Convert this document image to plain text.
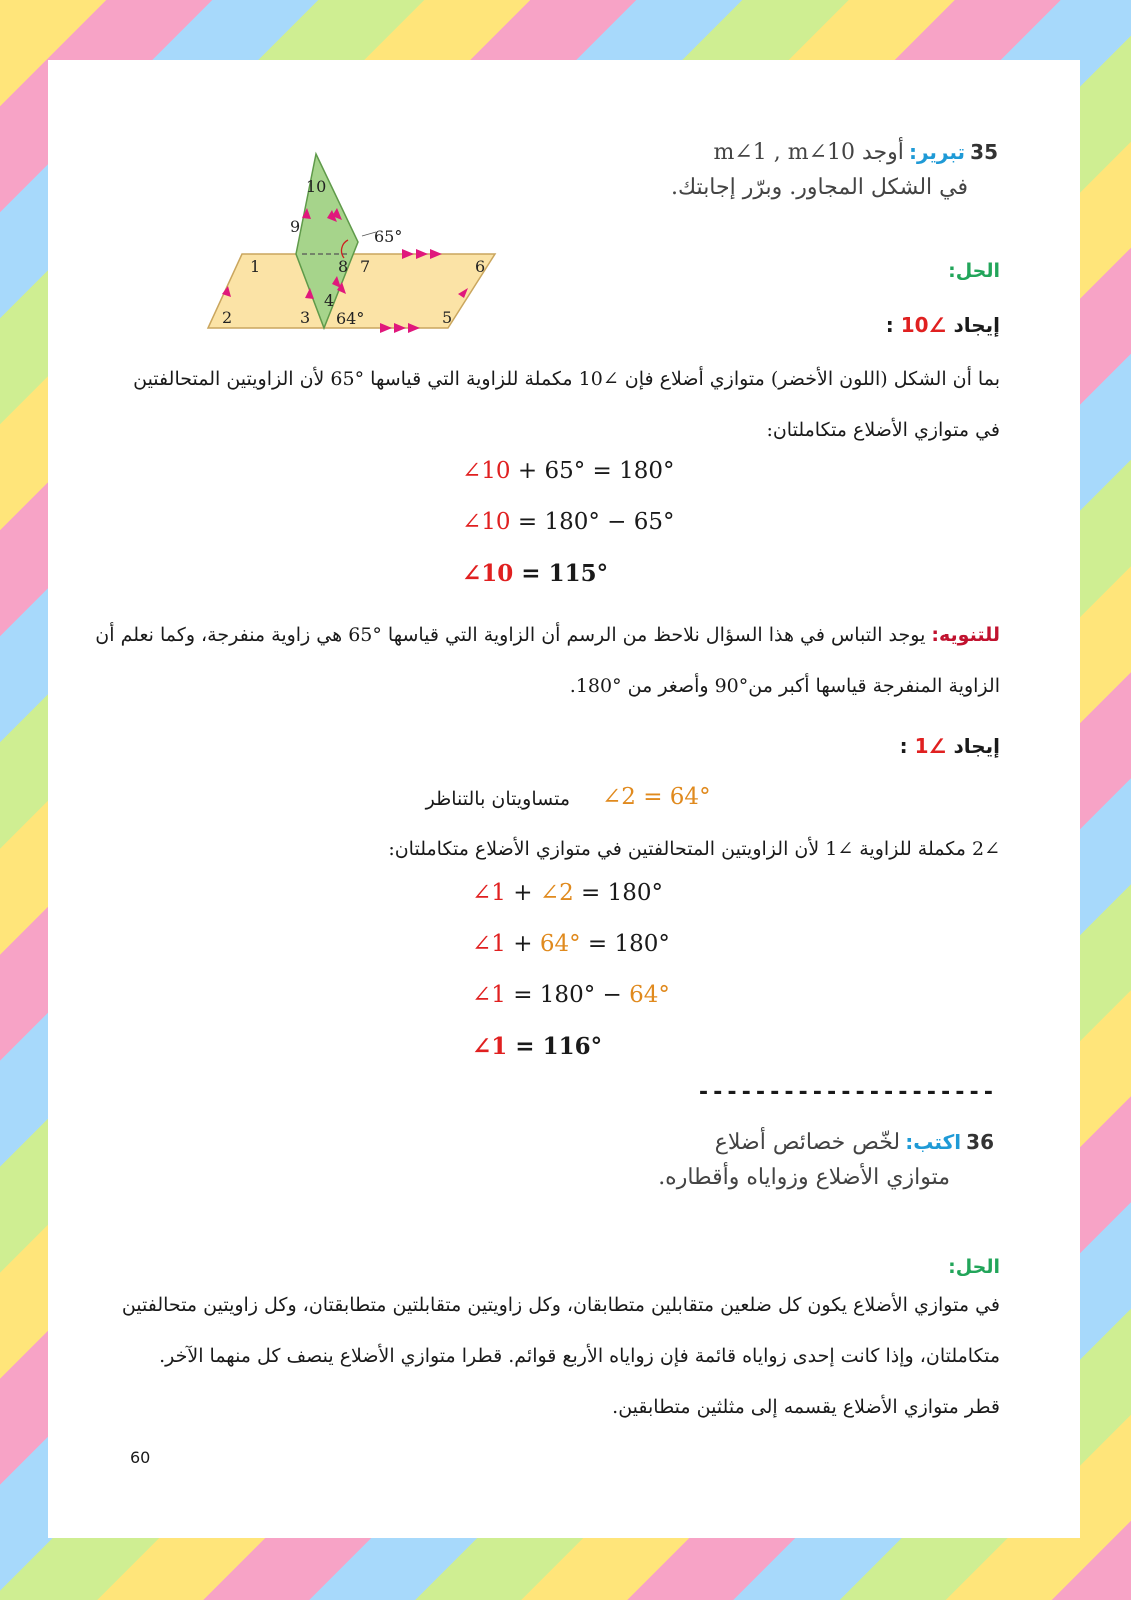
35 تبرير: أوجد m∠1 , m∠10
في الشكل المجاور. وبرّر إجابتك.
10
9
1	8 7	6
2	3
4
5
65°
64°
الحل:
إيجاد ∠10 :
بما أن الشكل (اللون الأخضر) متوازي أضلاع فإن ∠10 مكملة للزاوية التي قياسها °65 لأن الزاويتين المتحالفتين
في متوازي الأضلاع متكاملتان:
∠10 + 65° = 180°
∠10 = 180° − 65°
∠10 = 115°
للتنويه: يوجد التباس في هذا السؤال نلاحظ من الرسم أن الزاوية التي قياسها °65 هي زاوية منفرجة، وكما نعلم أن
الزاوية المنفرجة قياسها أكبر من°90 وأصغر من °180.
إيجاد ∠1 :
∠2 = 64°
متساويتان بالتناظر
∠2 مكملة للزاوية ∠1 لأن الزاويتين المتحالفتين في متوازي الأضلاع متكاملتان:
∠1 + ∠2 = 180°
∠1 + 64° = 180°
∠1 = 180° − 64°
∠1 = 116°
---------------------
36 اكتب: لخّص خصائص أضلاع
متوازي الأضلاع وزواياه وأقطاره.
الحل:
في متوازي الأضلاع يكون كل ضلعين متقابلين متطابقان، وكل زاويتين متقابلتين متطابقتان، وكل زاويتين متحالفتين
متكاملتان، وإذا كانت إحدى زواياه قائمة فإن زواياه الأربع قوائم. قطرا متوازي الأضلاع ينصف كل منهما الآخر.
قطر متوازي الأضلاع يقسمه إلى مثلثين متطابقين.
60
